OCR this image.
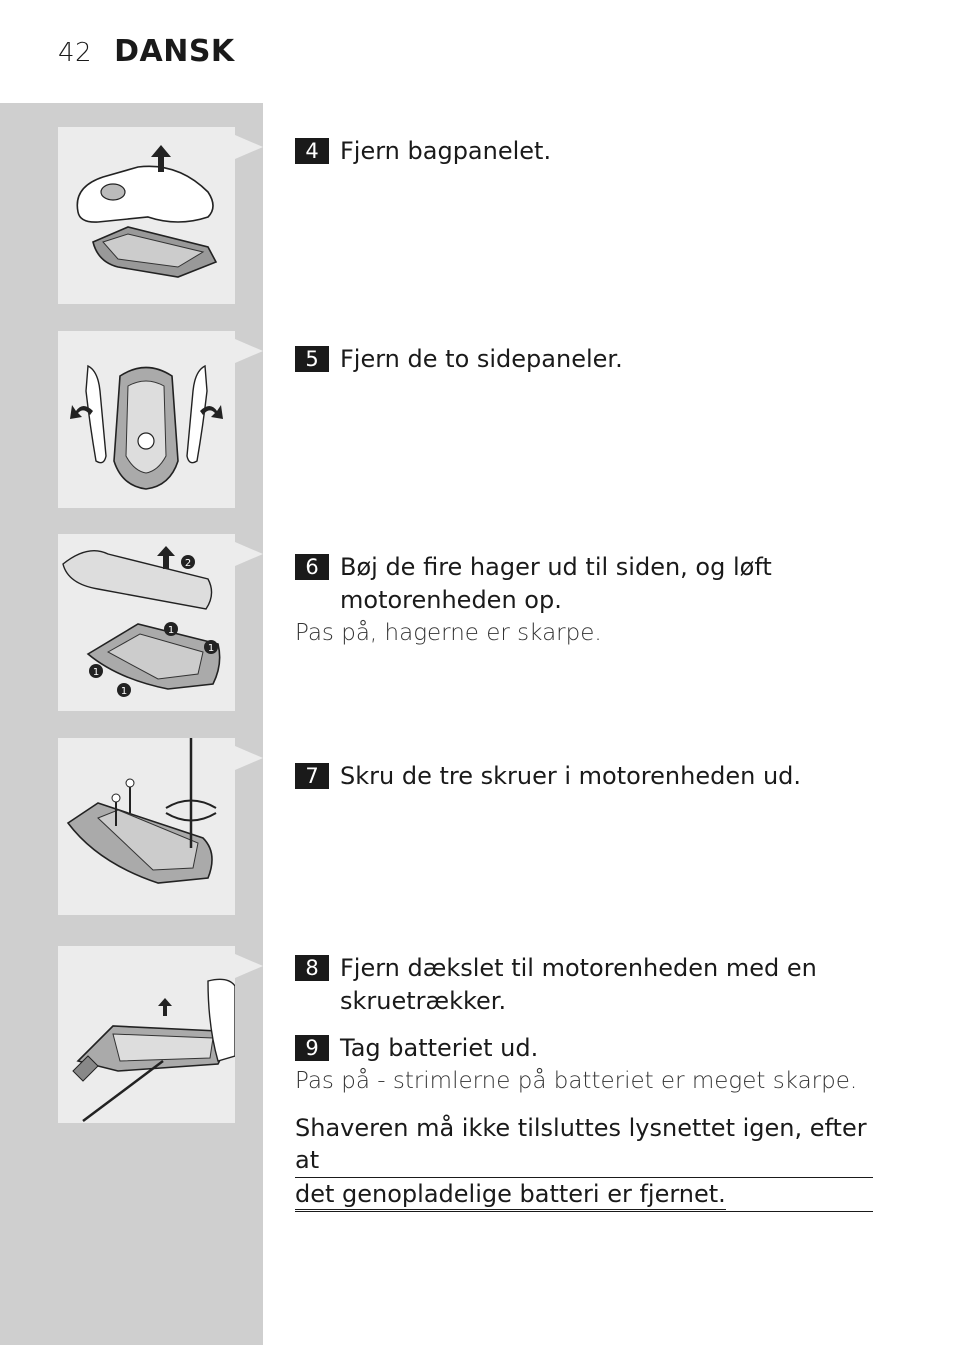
42 DANSK
2
1
1
1
1
4 Fjern bagpanelet.
5 Fjern de to sidepaneler.
6 Bøj de fire hager ud til siden, og løft motorenheden op.
Pas på, hagerne er skarpe.
7 Skru de tre skruer i motorenheden ud.
8 Fjern dækslet til motorenheden med en skruetrækker.
9 Tag batteriet ud.
Pas på - strimlerne på batteriet er meget skarpe.
Shaveren må ikke tilsluttes lysnettet igen, efter at
det genopladelige batteri er fjernet.
